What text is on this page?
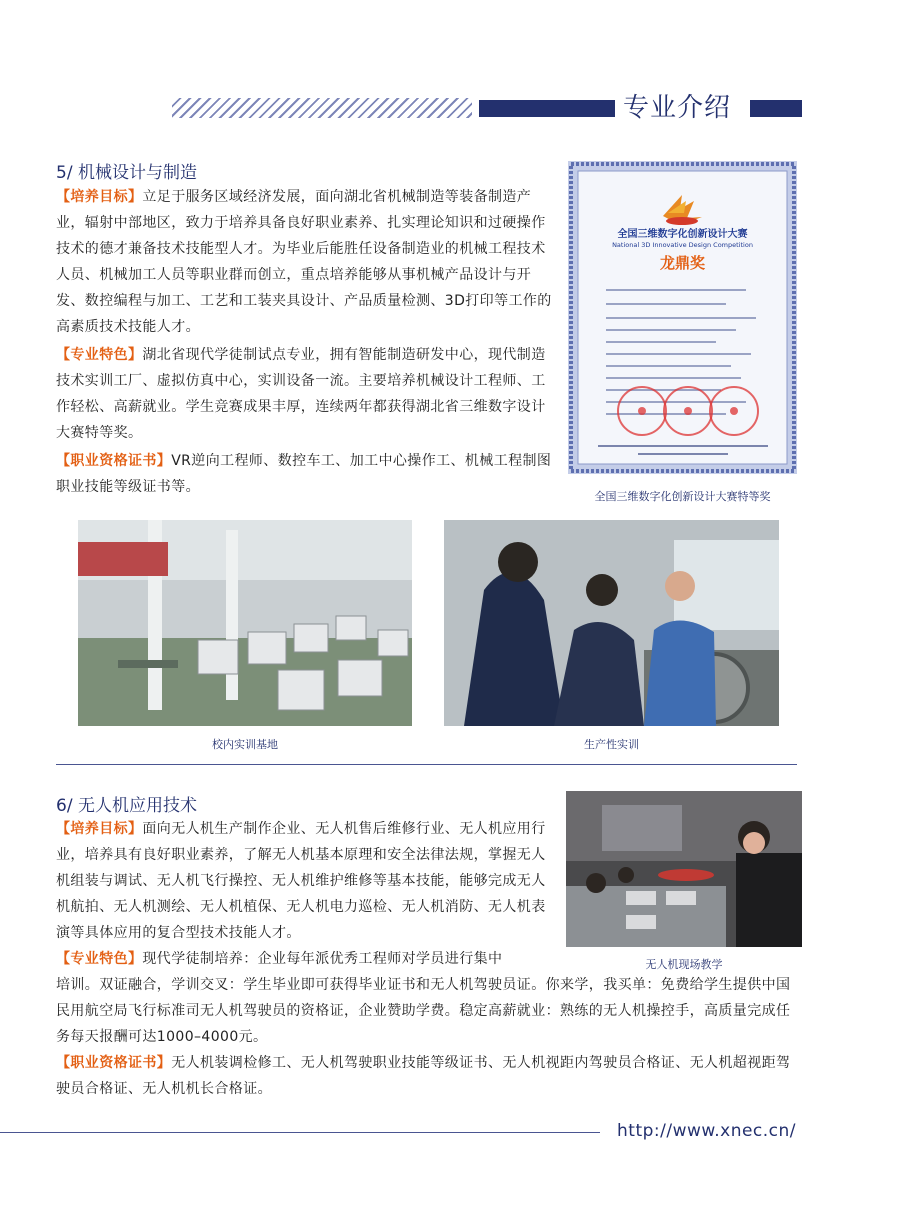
专业介绍
5/ 机械设计与制造
【培养目标】立足于服务区域经济发展，面向湖北省机械制造等装备制造产业，辐射中部地区，致力于培养具备良好职业素养、扎实理论知识和过硬操作技术的德才兼备技术技能型人才。为毕业后能胜任设备制造业的机械工程技术人员、机械加工人员等职业群而创立，重点培养能够从事机械产品设计与开发、数控编程与加工、工艺和工装夹具设计、产品质量检测、3D打印等工作的高素质技术技能人才。
【专业特色】湖北省现代学徒制试点专业，拥有智能制造研发中心，现代制造技术实训工厂、虚拟仿真中心，实训设备一流。主要培养机械设计工程师、工作轻松、高薪就业。学生竞赛成果丰厚，连续两年都获得湖北省三维数字设计大赛特等奖。
【职业资格证书】VR逆向工程师、数控车工、加工中心操作工、机械工程制图职业技能等级证书等。
全国三维数字化创新设计大赛
National 3D Innovative Design Competition
龙鼎奖
全国三维数字化创新设计大赛特等奖
校内实训基地	生产性实训
6/ 无人机应用技术
【培养目标】面向无人机生产制作企业、无人机售后维修行业、无人机应用行业，培养具有良好职业素养，了解无人机基本原理和安全法律法规，掌握无人机组装与调试、无人机飞行操控、无人机维护维修等基本技能，能够完成无人机航拍、无人机测绘、无人机植保、无人机电力巡检、无人机消防、无人机表演等具体应用的复合型技术技能人才。
【专业特色】现代学徒制培养：企业每年派优秀工程师对学员进行集中
培训。双证融合，学训交叉：学生毕业即可获得毕业证书和无人机驾驶员证。你来学，我买单：免费给学生提供中国民用航空局飞行标准司无人机驾驶员的资格证，企业赞助学费。稳定高薪就业：熟练的无人机操控手，高质量完成任务每天报酬可达1000–4000元。
【职业资格证书】无人机装调检修工、无人机驾驶职业技能等级证书、无人机视距内驾驶员合格证、无人机超视距驾驶员合格证、无人机机长合格证。
无人机现场教学
http://www.xnec.cn/
